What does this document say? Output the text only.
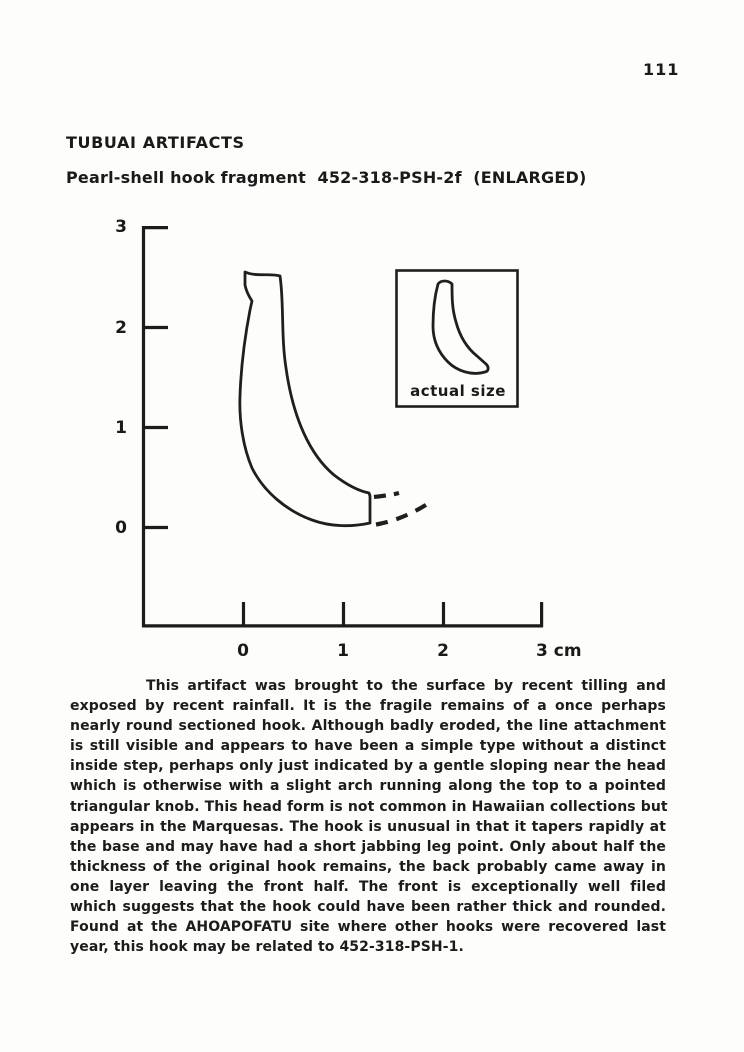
111
TUBUAI ARTIFACTS
Pearl-shell hook fragment  452-318-PSH-2f  (ENLARGED)
3
2
1
0
0	1	2	3 cm
actual size
This artifact was brought to the surface by recent tilling and
exposed by recent rainfall. It is the fragile remains of a once perhaps
nearly round sectioned hook. Although badly eroded, the line attachment
is still visible and appears to have been a simple type without a distinct
inside step, perhaps only just indicated by a gentle sloping near the head
which is otherwise with a slight arch running along the top to a pointed
triangular knob. This head form is not common in Hawaiian collections but
appears in the Marquesas. The hook is unusual in that it tapers rapidly at
the base and may have had a short jabbing leg point. Only about half the
thickness of the original hook remains, the back probably came away in
one layer leaving the front half. The front is exceptionally well filed
which suggests that the hook could have been rather thick and rounded.
Found at the AHOAPOFATU site where other hooks were recovered last
year, this hook may be related to 452-318-PSH-1.
